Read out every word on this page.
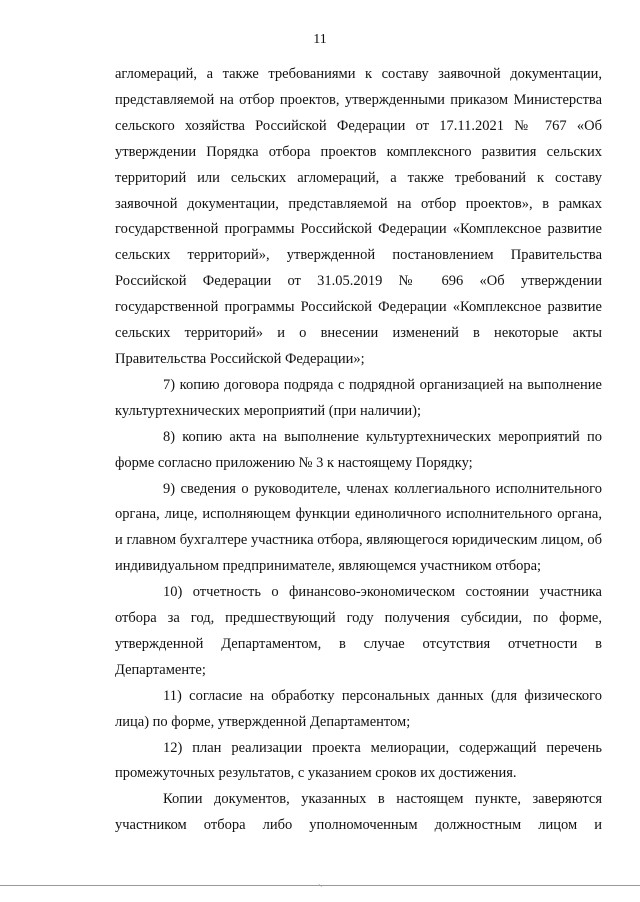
11

агломераций, а также требованиями к составу заявочной документации, представляемой на отбор проектов, утвержденными приказом Министерства сельского хозяйства Российской Федерации от 17.11.2021 № 767 «Об утверждении Порядка отбора проектов комплексного развития сельских территорий или сельских агломераций, а также требований к составу заявочной документации, представляемой на отбор проектов», в рамках государственной программы Российской Федерации «Комплексное развитие сельских территорий», утвержденной постановлением Правительства Российской Федерации от 31.05.2019 № 696 «Об утверждении государственной программы Российской Федерации «Комплексное развитие сельских территорий» и о внесении изменений в некоторые акты Правительства Российской Федерации»;

7) копию договора подряда с подрядной организацией на выполнение культуртехнических мероприятий (при наличии);

8) копию акта на выполнение культуртехнических мероприятий по форме согласно приложению № 3 к настоящему Порядку;

9) сведения о руководителе, членах коллегиального исполнительного органа, лице, исполняющем функции единоличного исполнительного органа, и главном бухгалтере участника отбора, являющегося юридическим лицом, об индивидуальном предпринимателе, являющемся участником отбора;

10) отчетность о финансово-экономическом состоянии участника отбора за год, предшествующий году получения субсидии, по форме, утвержденной Департаментом, в случае отсутствия отчетности в Департаменте;

11) согласие на обработку персональных данных (для физического лица) по форме, утвержденной Департаментом;

12) план реализации проекта мелиорации, содержащий перечень промежуточных результатов, с указанием сроков их достижения.

Копии документов, указанных в настоящем пункте, заверяются участником отбора либо уполномоченным должностным лицом и

⸌
